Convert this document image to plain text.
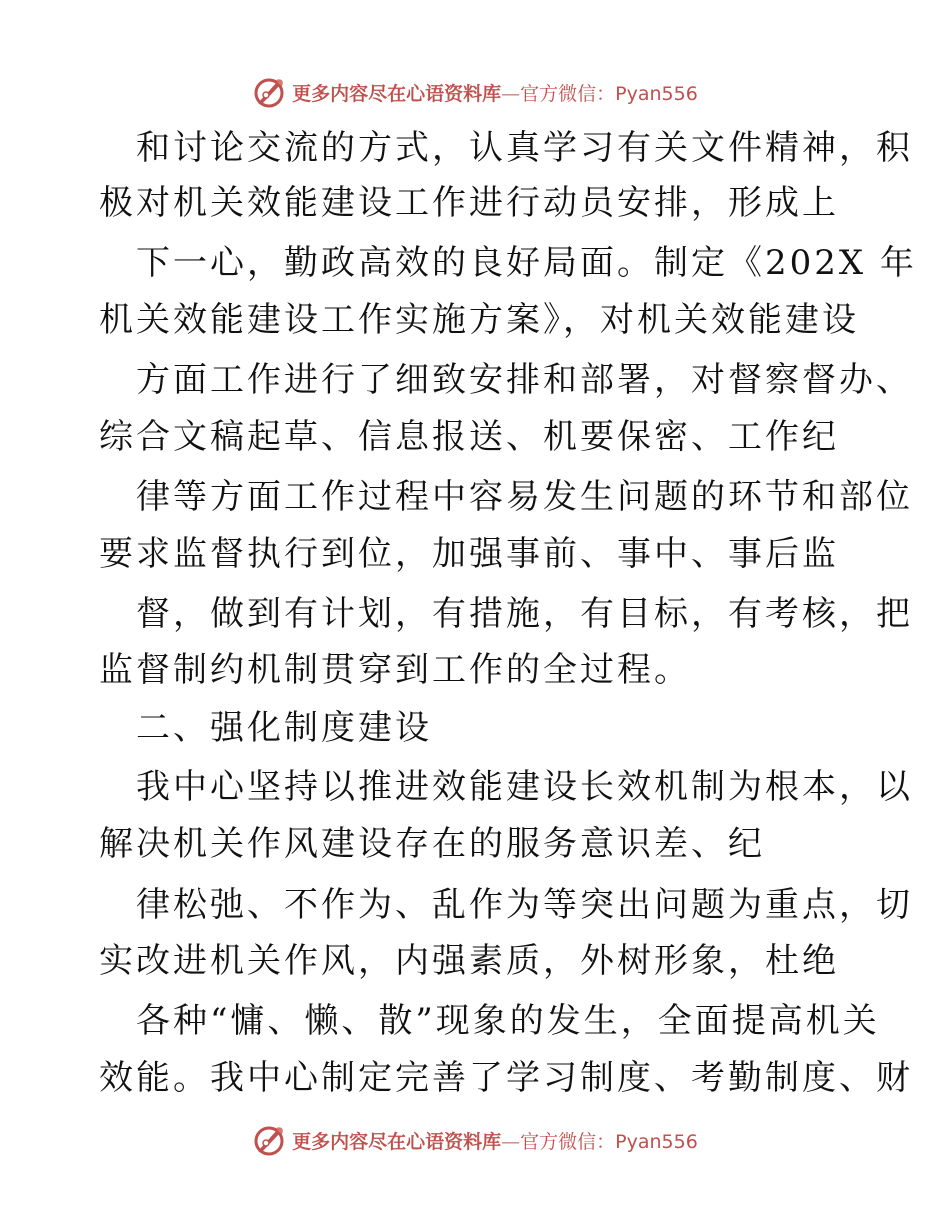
更多内容尽在心语资料库—官方微信：Pyan556
和讨论交流的方式，认真学习有关文件精神，积
极对机关效能建设工作进行动员安排，形成上
下一心，勤政高效的良好局面。制定《202X 年
机关效能建设工作实施方案》，对机关效能建设
方面工作进行了细致安排和部署，对督察督办、
综合文稿起草、信息报送、机要保密、工作纪
律等方面工作过程中容易发生问题的环节和部位
要求监督执行到位，加强事前、事中、事后监
督，做到有计划，有措施，有目标，有考核，把
监督制约机制贯穿到工作的全过程。
二、强化制度建设
我中心坚持以推进效能建设长效机制为根本，以
解决机关作风建设存在的服务意识差、纪
律松弛、不作为、乱作为等突出问题为重点，切
实改进机关作风，内强素质，外树形象，杜绝
各种“慵、懒、散”现象的发生，全面提高机关
效能。我中心制定完善了学习制度、考勤制度、财
更多内容尽在心语资料库—官方微信：Pyan556
